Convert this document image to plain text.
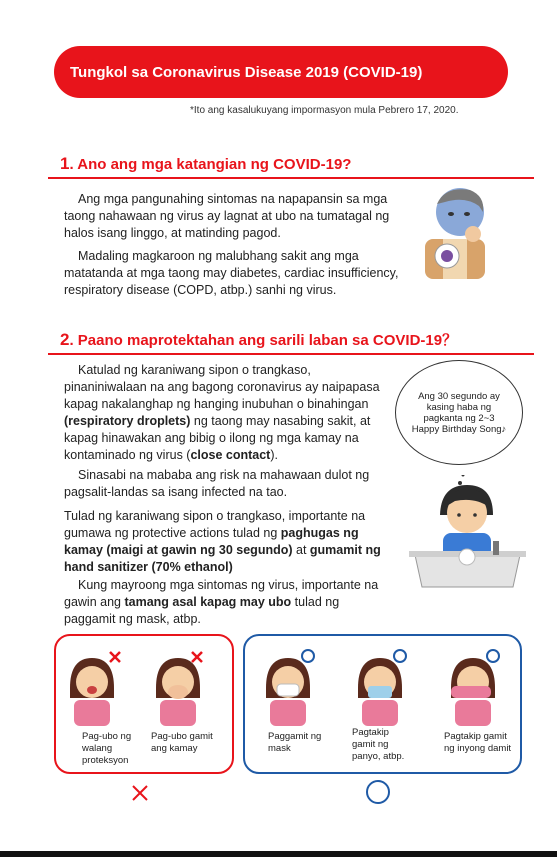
Tungkol sa Coronavirus Disease 2019 (COVID-19)
*Ito ang kasalukuyang impormasyon mula Pebrero 17, 2020.
1. Ano ang mga katangian ng COVID-19?

Ang mga pangunahing sintomas na napapansin sa mga taong nahawaan ng virus ay lagnat at ubo na tumatagal ng halos isang linggo, at matinding pagod.

Madaling magkaroon ng malubhang sakit ang mga matatanda at mga taong may diabetes, cardiac insufficiency, respiratory disease (COPD, atbp.) sanhi ng virus.

2. Paano maprotektahan ang sarili laban sa COVID-19？

Katulad ng karaniwang sipon o trangkaso, pinaniniwalaan na ang bagong coronavirus ay naipapasa kapag nakalanghap ng hanging inubuhan o binahingan (respiratory droplets) ng taong may nasabing sakit, at kapag hinawakan ang bibig o ilong ng mga kamay na kontaminado ng virus (close contact).

Sinasabi na mababa ang risk na mahawaan dulot ng pagsalit-landas sa isang infected na tao.

Tulad ng karaniwang sipon o trangkaso, importante na gumawa ng protective actions tulad ng paghugas ng kamay (maigi at gawin ng 30 segundo) at gumamit ng hand sanitizer (70% ethanol)

Kung mayroong mga sintomas ng virus, importante na gawin ang tamang asal kapag may ubo tulad ng paggamit ng mask, atbp.

Ang 30 segundo ay kasing haba ng pagkanta ng 2~3 Happy Birthday Song♪
Pag-ubo ng walang proteksyon
Pag-ubo gamit ang kamay
Paggamit ng mask
Pagtakip gamit ng panyo, atbp.
Pagtakip gamit ng inyong damit
